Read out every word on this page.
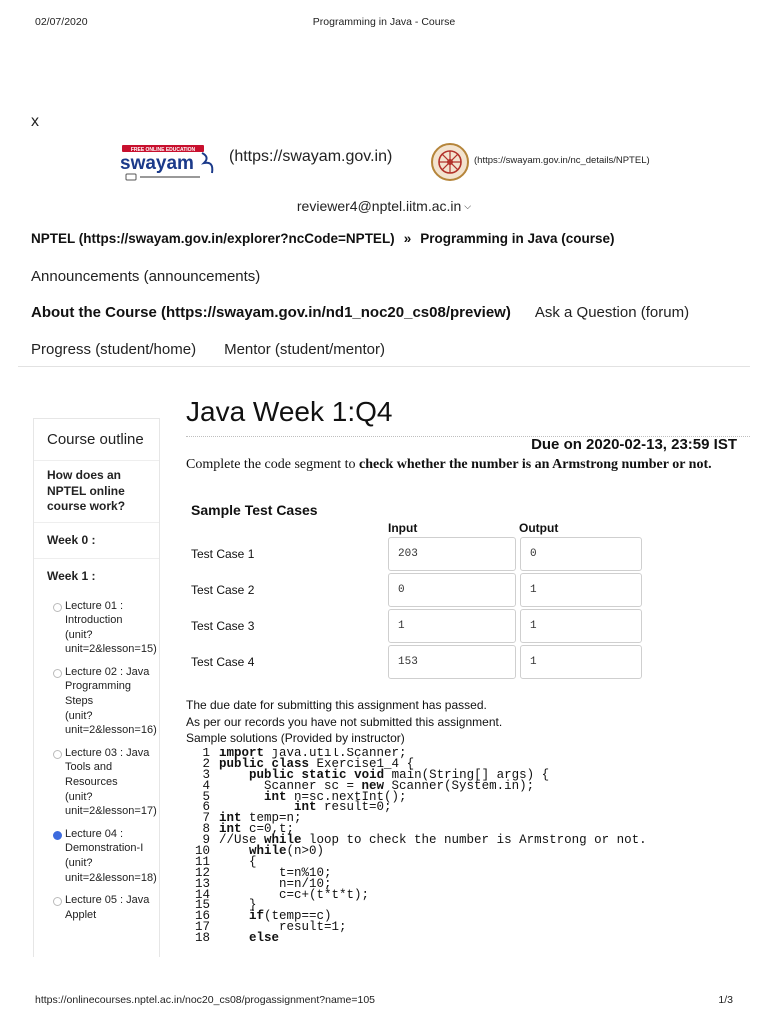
Programming in Java - Course
02/07/2020
x
FREE ONLINE EDUCATION
swayam (https://swayam.gov.in)	(https://swayam.gov.in/nc_details/NPTEL)
reviewer4@nptel.iitm.ac.in ⌵
NPTEL (https://swayam.gov.in/explorer?ncCode=NPTEL) » Programming in Java (course)
Announcements (announcements)
About the Course (https://swayam.gov.in/nd1_noc20_cs08/preview) Ask a Question (forum)
Progress (student/home) Mentor (student/mentor)
Course outline
How does an NPTEL online course work?
Week 0 :
Week 1 :
Lecture 01 : Introduction
(unit? unit=2&lesson=15)
Lecture 02 : Java Programming Steps
(unit? unit=2&lesson=16)
Lecture 03 : Java Tools and Resources
(unit? unit=2&lesson=17)
Lecture 04 : Demonstration-I
(unit? unit=2&lesson=18)
Lecture 05 : Java Applet
Java Week 1:Q4
Due on 2020-02-13, 23:59 IST
Complete the code segment to check whether the number is an Armstrong number or not.
Sample Test Cases
Input	Output
Test Case 1	203	0
Test Case 2	0	1
Test Case 3	1	1
Test Case 4	153	1
The due date for submitting this assignment has passed.
As per our records you have not submitted this assignment.
Sample solutions (Provided by instructor)
1 import java.util.Scanner;
2 public class Exercise1_4 {
3	public static void main(String[] args) {
4      Scanner sc = new Scanner(System.in);
5	int n=sc.nextInt();
6	int result=0;
7 int temp=n;
8 int c=0,t;
9 //Use while loop to check the number is Armstrong or not.
10	while(n>0)
11    {
12        t=n%10;
13        n=n/10;
14        c=c+(t*t*t);
15    }
16	if(temp==c)
17        result=1;
18	else
https://onlinecourses.nptel.ac.in/noc20_cs08/progassignment?name=105	1/3
